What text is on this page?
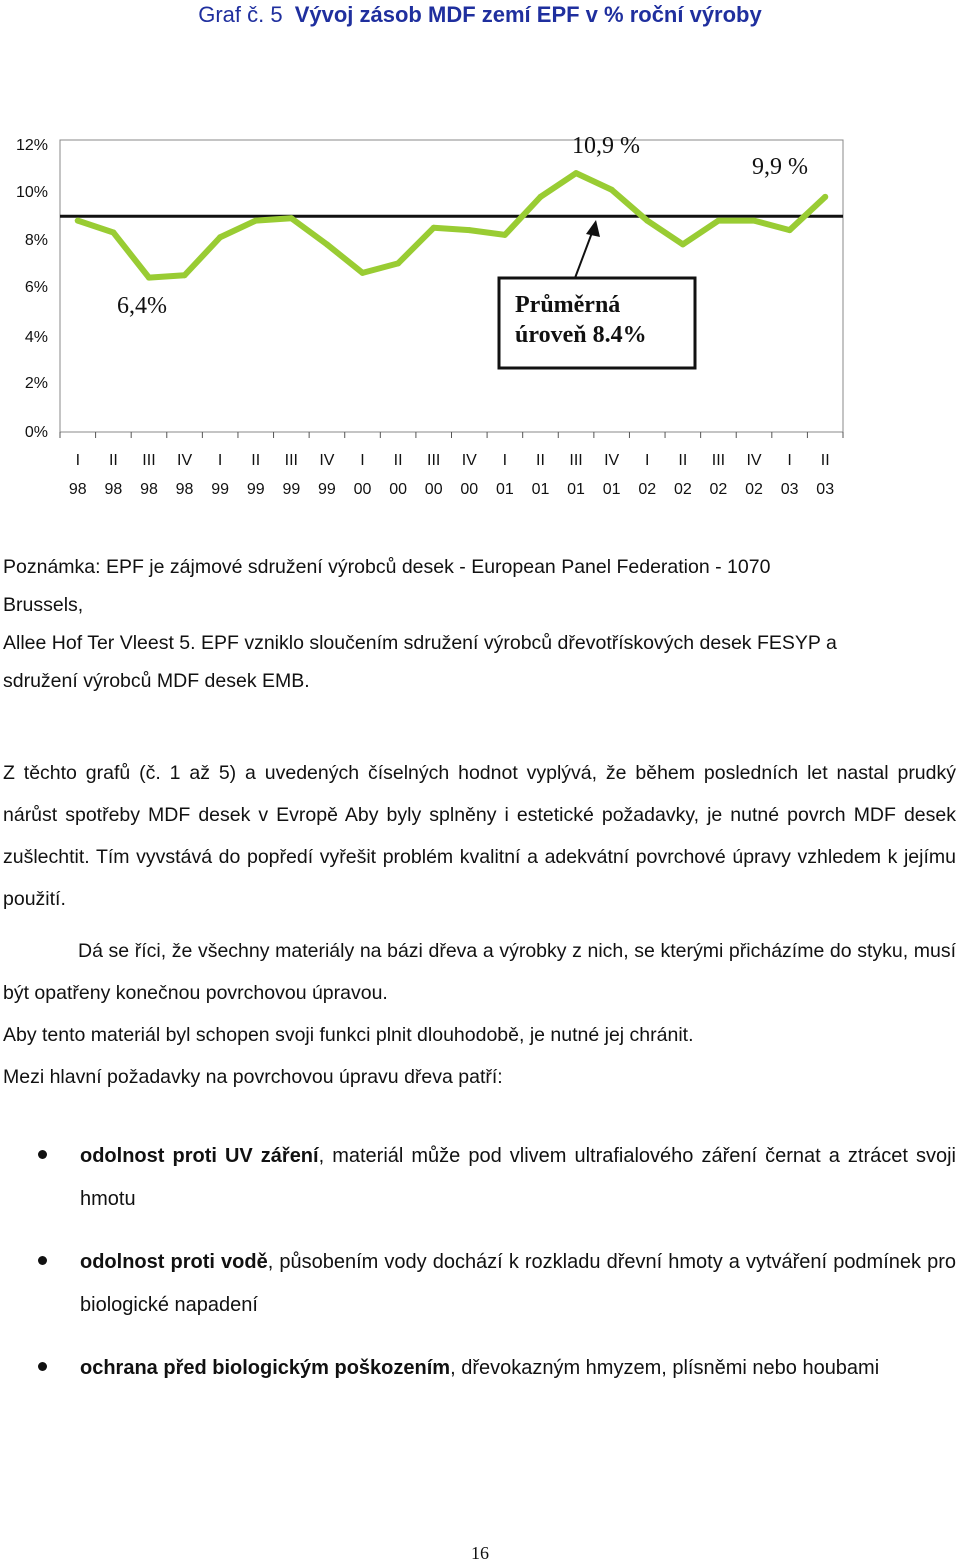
Graf č. 5 Vývoj zásob MDF zemí EPF v % roční výroby
12%
10%
8%
6%
4%
2%
0%
I
98
II
98
III
98
IV
98
I
99
II
99
III
99
IV
99
I
00
II
00
III
00
IV
00
I
01
II
01
III
01
IV
01
I
02
II
02
III
02
IV
02
I
03
II
03
10,9 %
9,9 %
6,4%	Průměrná
úroveň 8.4%

Poznámka: EPF je zájmové sdružení výrobců desek - European Panel Federation - 1070

Brussels,

Allee Hof Ter Vleest 5. EPF vzniklo sloučením sdružení výrobců dřevotřískových desek FESYP a

sdružení výrobců MDF desek EMB.

Z těchto grafů (č. 1 až 5) a uvedených číselných hodnot vyplývá, že během posledních let nastal prudký nárůst spotřeby MDF desek v Evropě Aby byly splněny i estetické požadavky, je nutné povrch MDF desek zušlechtit. Tím vyvstává do popředí vyřešit problém kvalitní a adekvátní povrchové úpravy vzhledem k jejímu použití.

Dá se říci, že všechny materiály na bázi dřeva a výrobky z nich, se kterými přicházíme do styku, musí být opatřeny konečnou povrchovou úpravou.

Aby tento materiál byl schopen svoji funkci plnit dlouhodobě, je nutné jej chránit.

Mezi hlavní požadavky na povrchovou úpravu dřeva patří:

odolnost proti UV záření, materiál může pod vlivem ultrafialového záření černat a ztrácet svoji hmotu
odolnost proti vodě, působením vody dochází k rozkladu dřevní hmoty a vytváření podmínek pro biologické napadení
ochrana před biologickým poškozením, dřevokazným hmyzem, plísněmi nebo houbami
16
